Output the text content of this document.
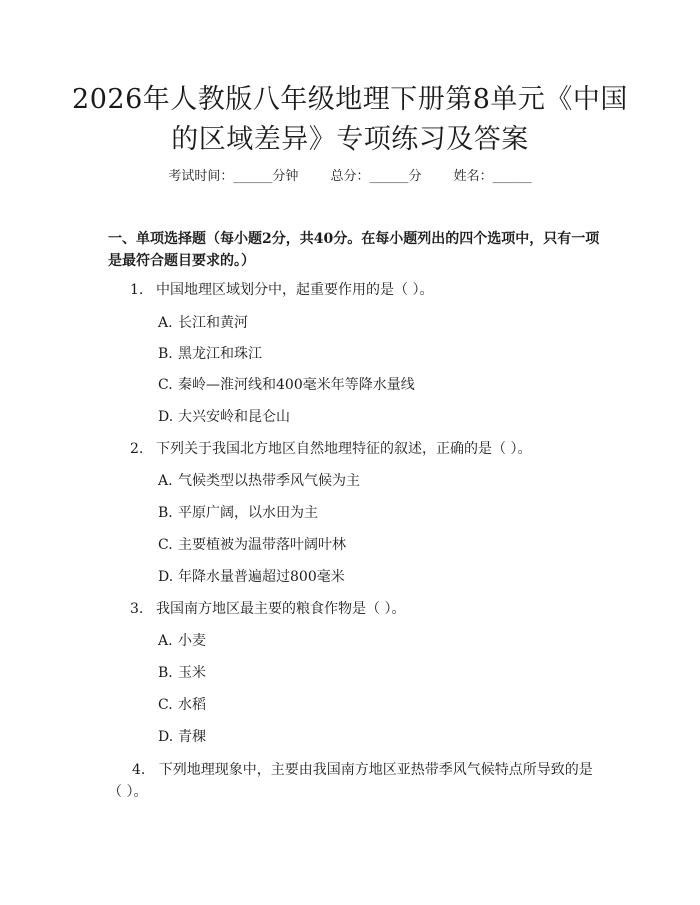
2026年人教版八年级地理下册第8单元《中国的区域差异》专项练习及答案
考试时间：______分钟 总分：______分 姓名：______
一、单项选择题（每小题2分，共40分。在每小题列出的四个选项中，只有一项是最符合题目要求的。）
1. 中国地理区域划分中，起重要作用的是（ ）。
A. 长江和黄河
B. 黑龙江和珠江
C. 秦岭—淮河线和400毫米年等降水量线
D. 大兴安岭和昆仑山
2. 下列关于我国北方地区自然地理特征的叙述，正确的是（ ）。
A. 气候类型以热带季风气候为主
B. 平原广阔，以水田为主
C. 主要植被为温带落叶阔叶林
D. 年降水量普遍超过800毫米
3. 我国南方地区最主要的粮食作物是（ ）。
A. 小麦
B. 玉米
C. 水稻
D. 青稞
4. 下列地理现象中，主要由我国南方地区亚热带季风气候特点所导致的是（ ）。
